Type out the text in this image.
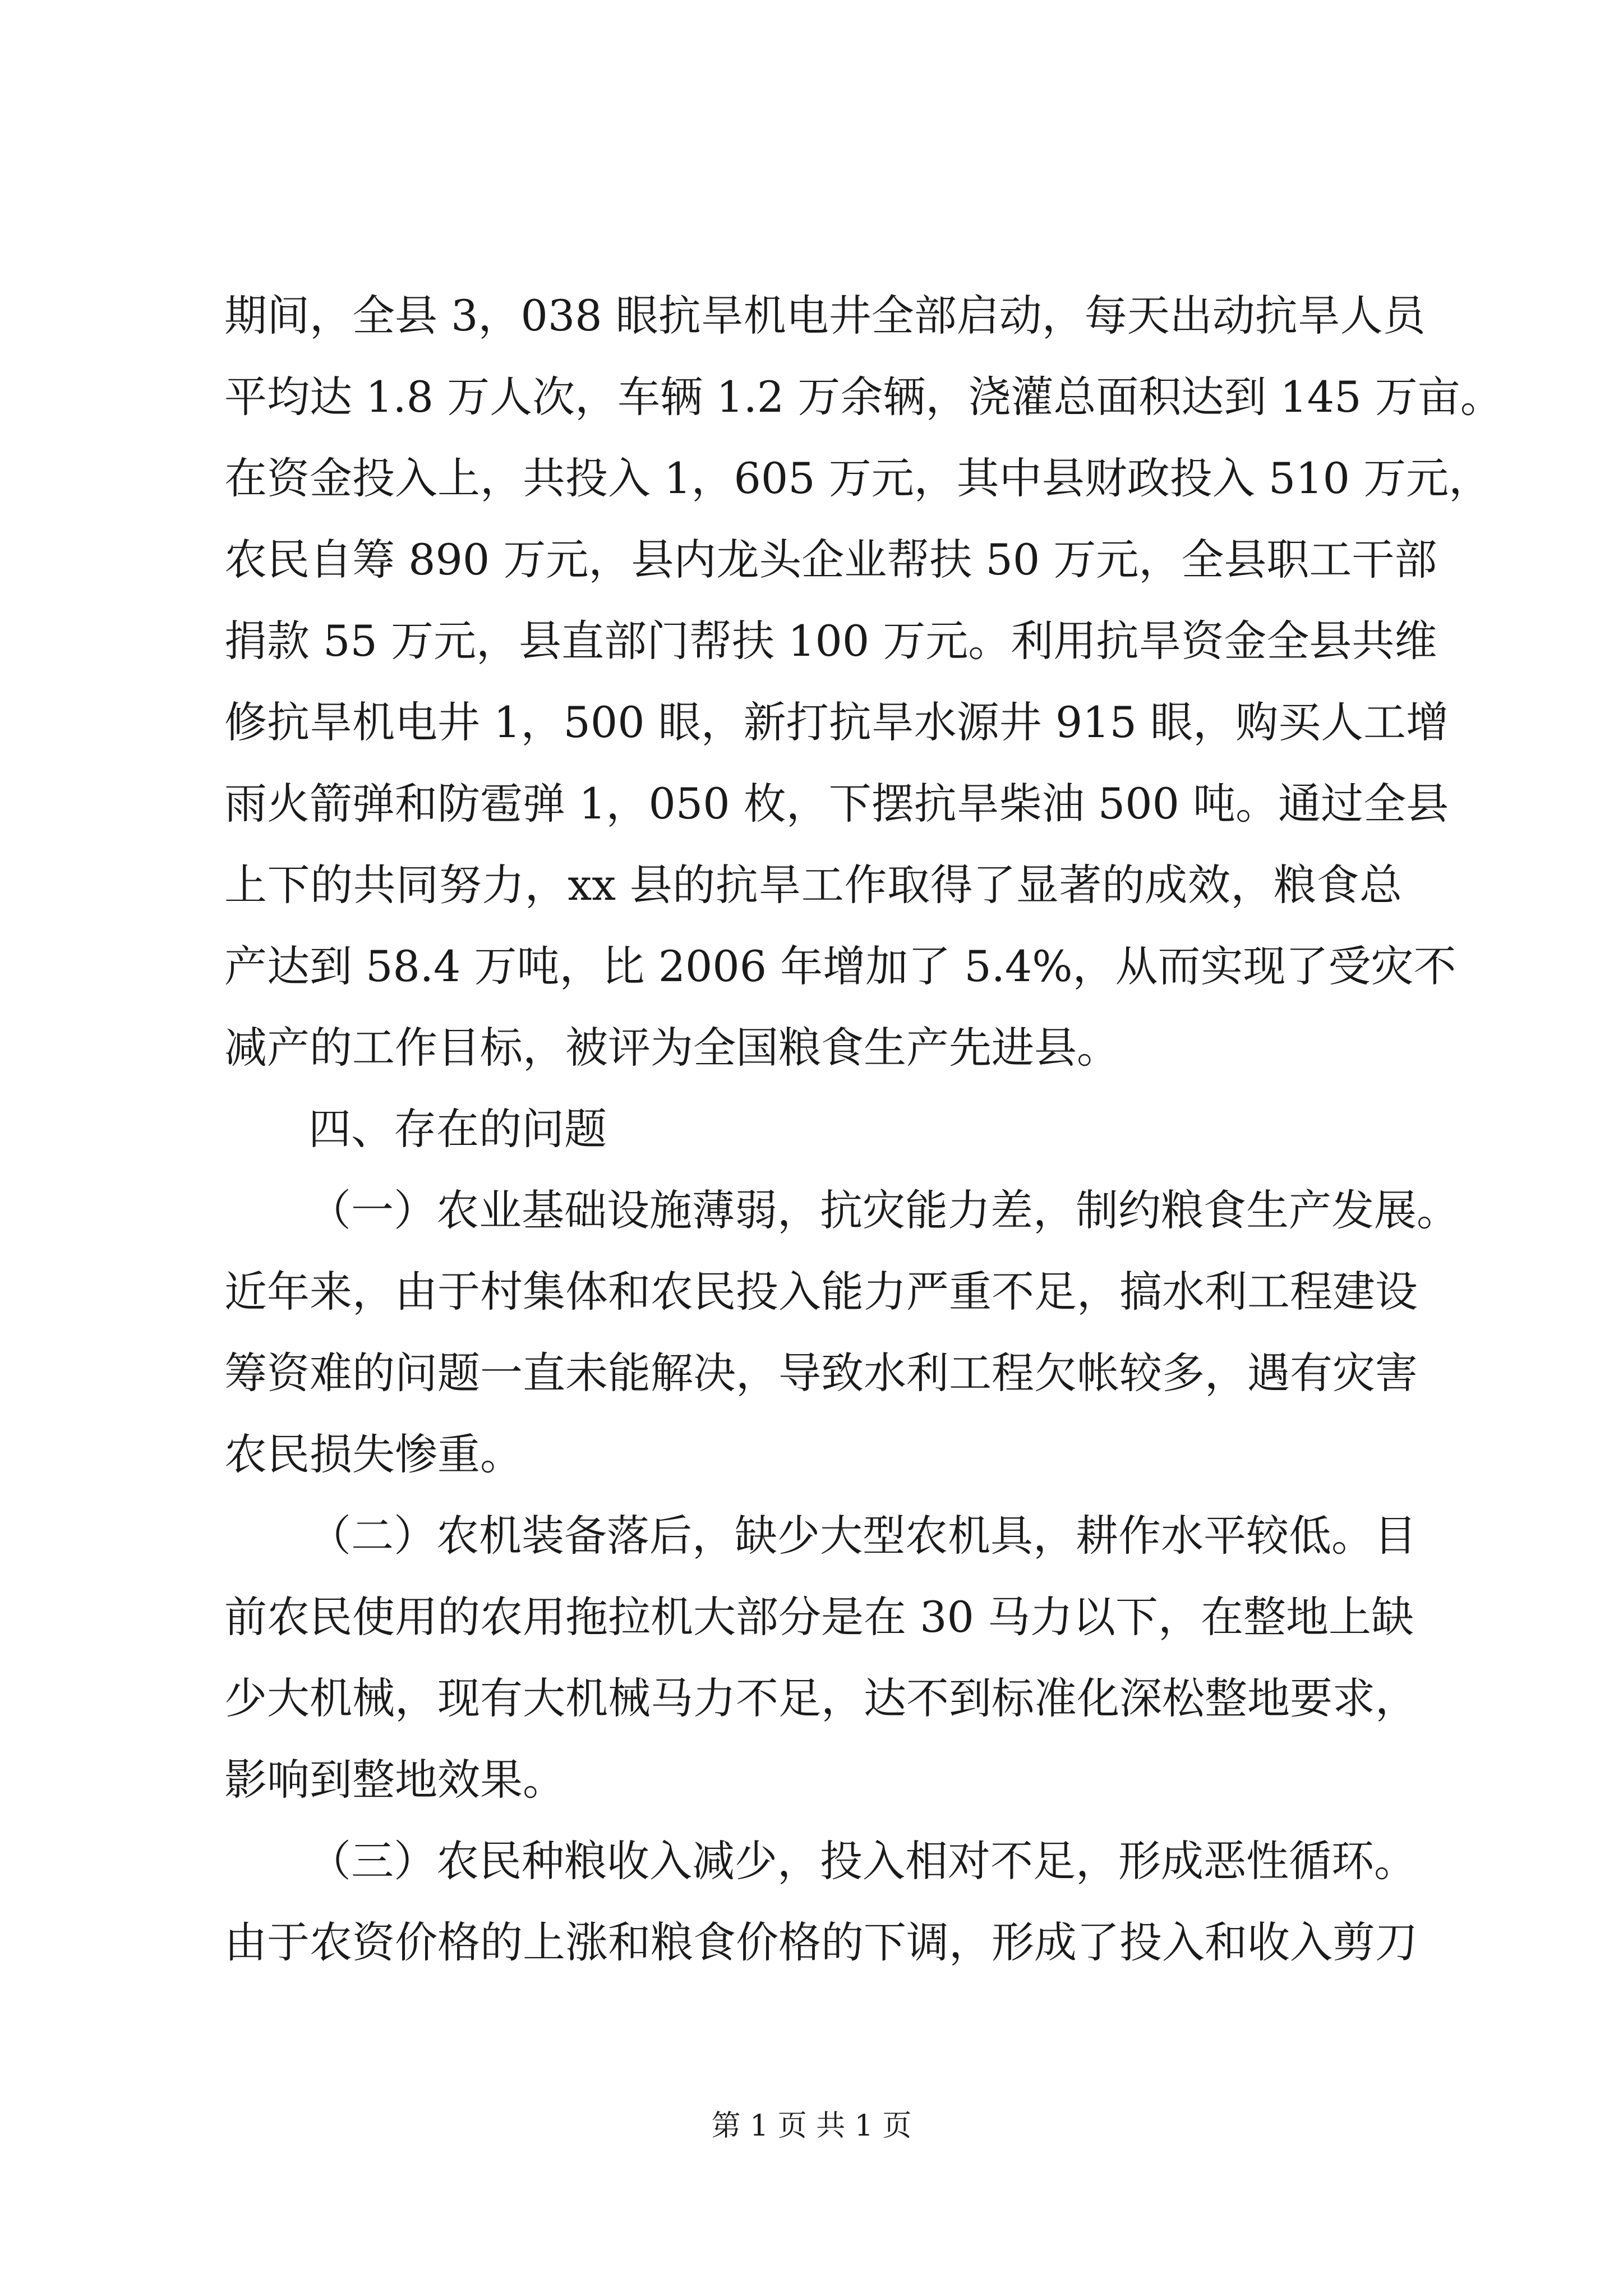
期间，全县 3，038 眼抗旱机电井全部启动，每天出动抗旱人员
平均达 1.8 万人次，车辆 1.2 万余辆，浇灌总面积达到 145 万亩。
在资金投入上，共投入 1，605 万元，其中县财政投入 510 万元，
农民自筹 890 万元，县内龙头企业帮扶 50 万元，全县职工干部
捐款 55 万元，县直部门帮扶 100 万元。利用抗旱资金全县共维
修抗旱机电井 1，500 眼，新打抗旱水源井 915 眼，购买人工增
雨火箭弹和防雹弹 1，050 枚，下摆抗旱柴油 500 吨。通过全县
上下的共同努力，xx 县的抗旱工作取得了显著的成效，粮食总
产达到 58.4 万吨，比 2006 年增加了 5.4%，从而实现了受灾不
减产的工作目标，被评为全国粮食生产先进县。
四、存在的问题
（一）农业基础设施薄弱，抗灾能力差，制约粮食生产发展。
近年来，由于村集体和农民投入能力严重不足，搞水利工程建设
筹资难的问题一直未能解决，导致水利工程欠帐较多，遇有灾害
农民损失惨重。
（二）农机装备落后，缺少大型农机具，耕作水平较低。目
前农民使用的农用拖拉机大部分是在 30 马力以下，在整地上缺
少大机械，现有大机械马力不足，达不到标准化深松整地要求，
影响到整地效果。
（三）农民种粮收入减少，投入相对不足，形成恶性循环。
由于农资价格的上涨和粮食价格的下调，形成了投入和收入剪刀
第 1 页 共 1 页
